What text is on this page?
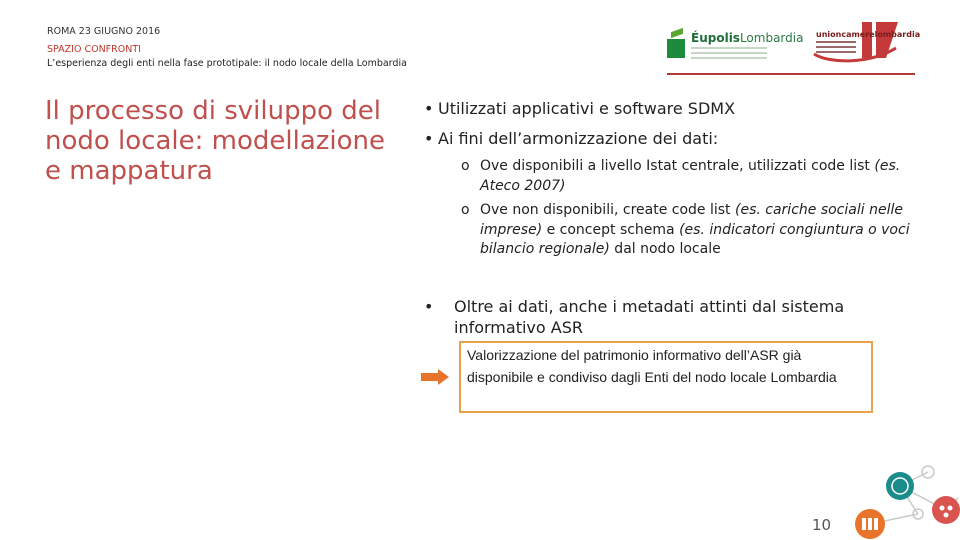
ROMA 23 GIUGNO 2016
SPAZIO CONFRONTI
L’esperienza degli enti nella fase prototipale: il nodo locale della Lombardia
ÉupolisLombardia unioncamerelombardia
Il processo di sviluppo del nodo locale: modellazione e mappatura
• Utilizzati applicativi e software SDMX
• Ai fini dell’armonizzazione dei dati:
o Ove disponibili a livello Istat centrale, utilizzati code list (es. Ateco 2007)
o Ove non disponibili, create code list (es. cariche sociali nelle imprese) e concept schema (es. indicatori congiuntura o voci bilancio regionale) dal nodo locale
• Oltre ai dati, anche i metadati attinti dal sistema informativo ASR
Valorizzazione del patrimonio informativo dell’ASR già disponibile e condiviso dagli Enti del nodo locale Lombardia
10
